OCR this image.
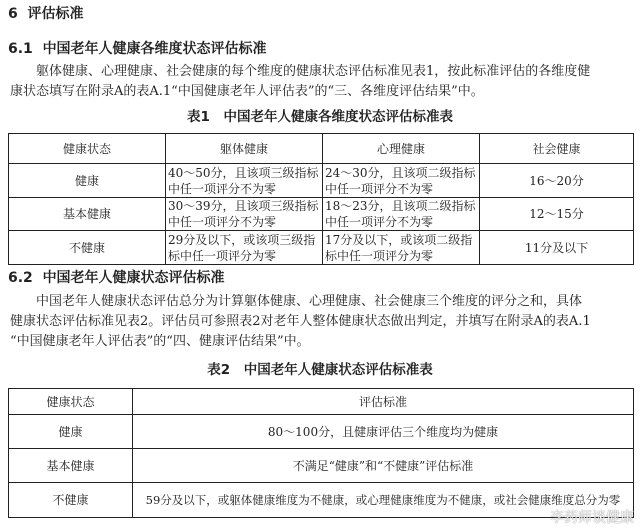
6 评估标准
6.1 中国老年人健康各维度状态评估标准
　　躯体健康、心理健康、社会健康的每个维度的健康状态评估标准见表1，按此标准评估的各维度健
康状态填写在附录A的表A.1“中国健康老年人评估表”的“三、各维度评估结果”中。
表1　中国老年人健康各维度状态评估标准表
健康状态	躯体健康	心理健康	社会健康
健康	40～50分，且该项三级指标中任一项评分不为零	24～30分，且该项二级指标中任一项评分不为零	16～20分
基本健康	30～39分，且该项三级指标中任一项评分不为零	18～23分，且该项二级指标中任一项评分不为零	12～15分
不健康	29分及以下，或该项三级指标中任一项评分为零	17分及以下，或该项二级指标中任一项评分为零	11分及以下
6.2 中国老年人健康状态评估标准
　　中国老年人健康状态评估总分为计算躯体健康、心理健康、社会健康三个维度的评分之和，具体
健康状态评估标准见表2。评估员可参照表2对老年人整体健康状态做出判定，并填写在附录A的表A.1
“中国健康老年人评估表”的“四、健康评估结果”中。
表2　中国老年人健康状态评估标准表
健康状态	评估标准
健康	80～100分，且健康评估三个维度均为健康
基本健康	不满足“健康”和“不健康”评估标准
不健康	59分及以下，或躯体健康维度为不健康，或心理健康维度为不健康，或社会健康维度总分为零
李药师谈健康
